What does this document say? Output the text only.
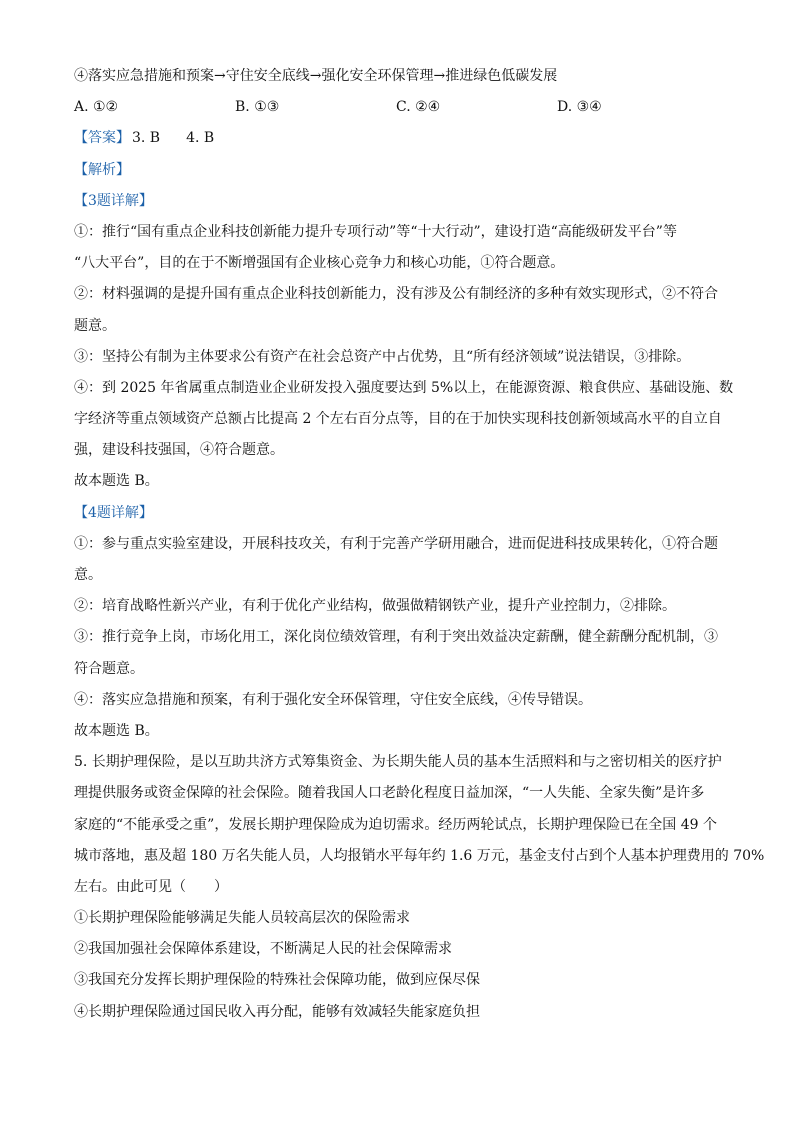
④落实应急措施和预案→守住安全底线→强化安全环保管理→推进绿色低碳发展
A. ①②	B. ①③	C. ②④	D. ③④
【答案】 3. B 4. B
【解析】
【3题详解】
①：推行“国有重点企业科技创新能力提升专项行动”等“十大行动”，建设打造“高能级研发平台”等
“八大平台”，目的在于不断增强国有企业核心竞争力和核心功能，①符合题意。
②：材料强调的是提升国有重点企业科技创新能力，没有涉及公有制经济的多种有效实现形式，②不符合
题意。
③：坚持公有制为主体要求公有资产在社会总资产中占优势，且“所有经济领域”说法错误，③排除。
④：到 2025 年省属重点制造业企业研发投入强度要达到 5%以上，在能源资源、粮食供应、基础设施、数
字经济等重点领域资产总额占比提高 2 个左右百分点等，目的在于加快实现科技创新领域高水平的自立自
强，建设科技强国，④符合题意。
故本题选 B。
【4题详解】
①：参与重点实验室建设，开展科技攻关，有利于完善产学研用融合，进而促进科技成果转化，①符合题
意。
②：培育战略性新兴产业，有利于优化产业结构，做强做精钢铁产业，提升产业控制力，②排除。
③：推行竞争上岗，市场化用工，深化岗位绩效管理，有利于突出效益决定薪酬，健全薪酬分配机制，③
符合题意。
④：落实应急措施和预案，有利于强化安全环保管理，守住安全底线，④传导错误。
故本题选 B。
5. 长期护理保险，是以互助共济方式筹集资金、为长期失能人员的基本生活照料和与之密切相关的医疗护
理提供服务或资金保障的社会保险。随着我国人口老龄化程度日益加深，“一人失能、全家失衡”是许多
家庭的“不能承受之重”，发展长期护理保险成为迫切需求。经历两轮试点，长期护理保险已在全国 49 个
城市落地，惠及超 180 万名失能人员，人均报销水平每年约 1.6 万元，基金支付占到个人基本护理费用的 70%
左右。由此可见（　　）
①长期护理保险能够满足失能人员较高层次的保险需求
②我国加强社会保障体系建设，不断满足人民的社会保障需求
③我国充分发挥长期护理保险的特殊社会保障功能，做到应保尽保
④长期护理保险通过国民收入再分配，能够有效减轻失能家庭负担
